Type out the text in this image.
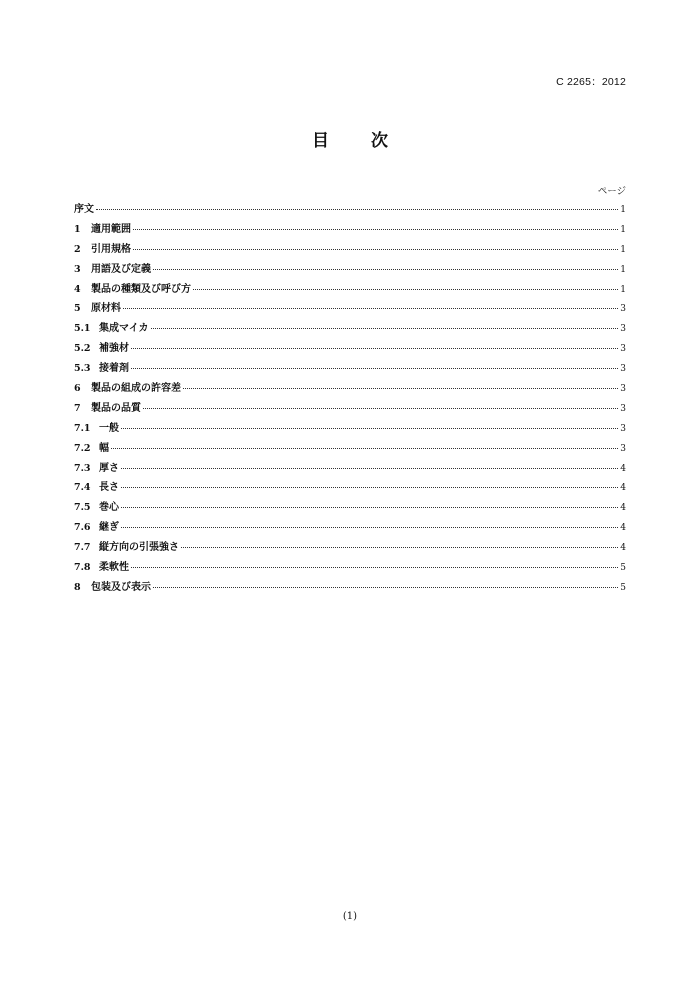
C 2265：2012
目 次
ページ
序文	1
1	適用範囲	1
2	引用規格	1
3	用語及び定義	1
4	製品の種類及び呼び方	1
5	原材料	3
5.1 集成マイカ	3
5.2 補強材	3
5.3 接着剤	3
6	製品の組成の許容差	3
7	製品の品質	3
7.1 一般	3
7.2 幅	3
7.3 厚さ	4
7.4 長さ	4
7.5 巻心	4
7.6 継ぎ	4
7.7 縦方向の引張強さ	4
7.8 柔軟性	5
8	包装及び表示	5
(1)
